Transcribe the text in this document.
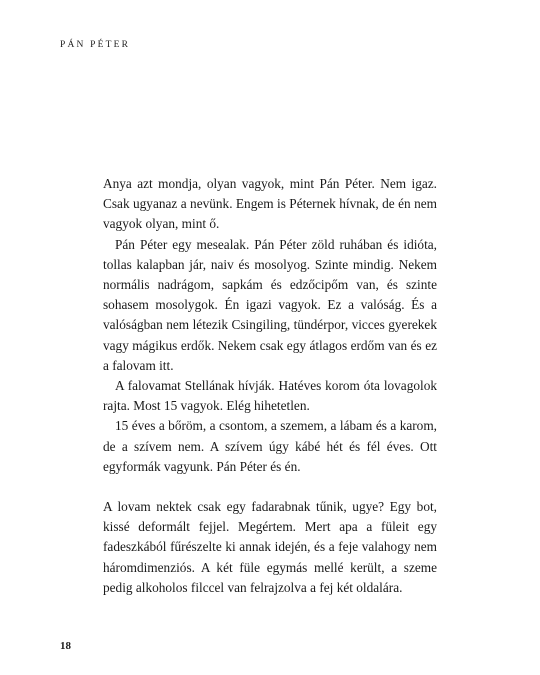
PÁN PÉTER

Anya azt mondja, olyan vagyok, mint Pán Péter. Nem igaz. Csak ugyanaz a nevünk. Engem is Péternek hívnak, de én nem vagyok olyan, mint ő.

Pán Péter egy mesealak. Pán Péter zöld ruhában és idióta, tollas kalapban jár, naiv és mosolyog. Szinte mindig. Nekem normális nadrágom, sapkám és edzőcipőm van, és szinte sohasem mosolygok. Én igazi vagyok. Ez a valóság. És a valóságban nem létezik Csingiling, tündérpor, vicces gyerekek vagy mágikus erdők. Nekem csak egy átlagos erdőm van és ez a falovam itt.

A falovamat Stellának hívják. Hatéves korom óta lovagolok rajta. Most 15 vagyok. Elég hihetetlen.

15 éves a bőröm, a csontom, a szemem, a lábam és a karom, de a szívem nem. A szívem úgy kábé hét és fél éves. Ott egyformák vagyunk. Pán Péter és én.

A lovam nektek csak egy fadarabnak tűnik, ugye? Egy bot, kissé deformált fejjel. Megértem. Mert apa a füleit egy fadeszkából fűrészelte ki annak idején, és a feje valahogy nem háromdimenziós. A két füle egymás mellé került, a szeme pedig alkoholos filccel van felrajzolva a fej két oldalára.

18
